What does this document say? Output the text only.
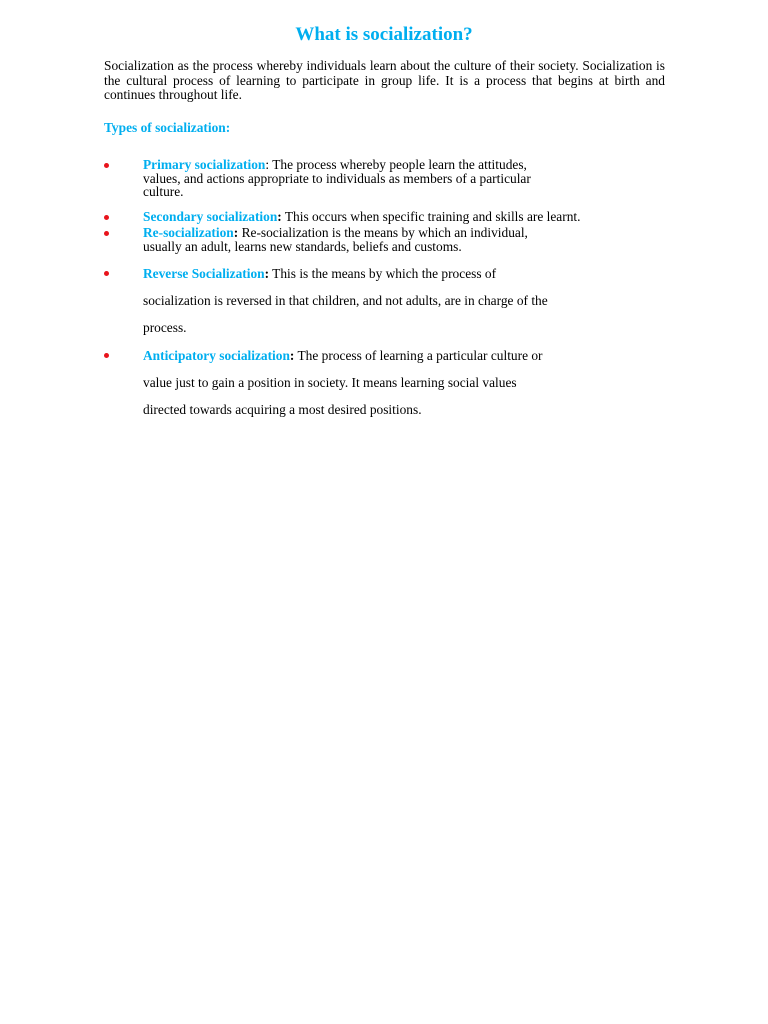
What is socialization?

Socialization as the process whereby individuals learn about the culture of their society. Socialization is the cultural process of learning to participate in group life. It is a process that begins at birth and continues throughout life.

Types of socialization:

Primary socialization: The process whereby people learn the attitudes,
values, and actions appropriate to individuals as members of a particular
culture.

Secondary socialization: This occurs when specific training and skills are learnt.

Re-socialization: Re-socialization is the means by which an individual,
usually an adult, learns new standards, beliefs and customs.

Reverse Socialization: This is the means by which the process of
socialization is reversed in that children, and not adults, are in charge of the
process.

Anticipatory socialization: The process of learning a particular culture or
value just to gain a position in society. It means learning social values
directed towards acquiring a most desired positions.
